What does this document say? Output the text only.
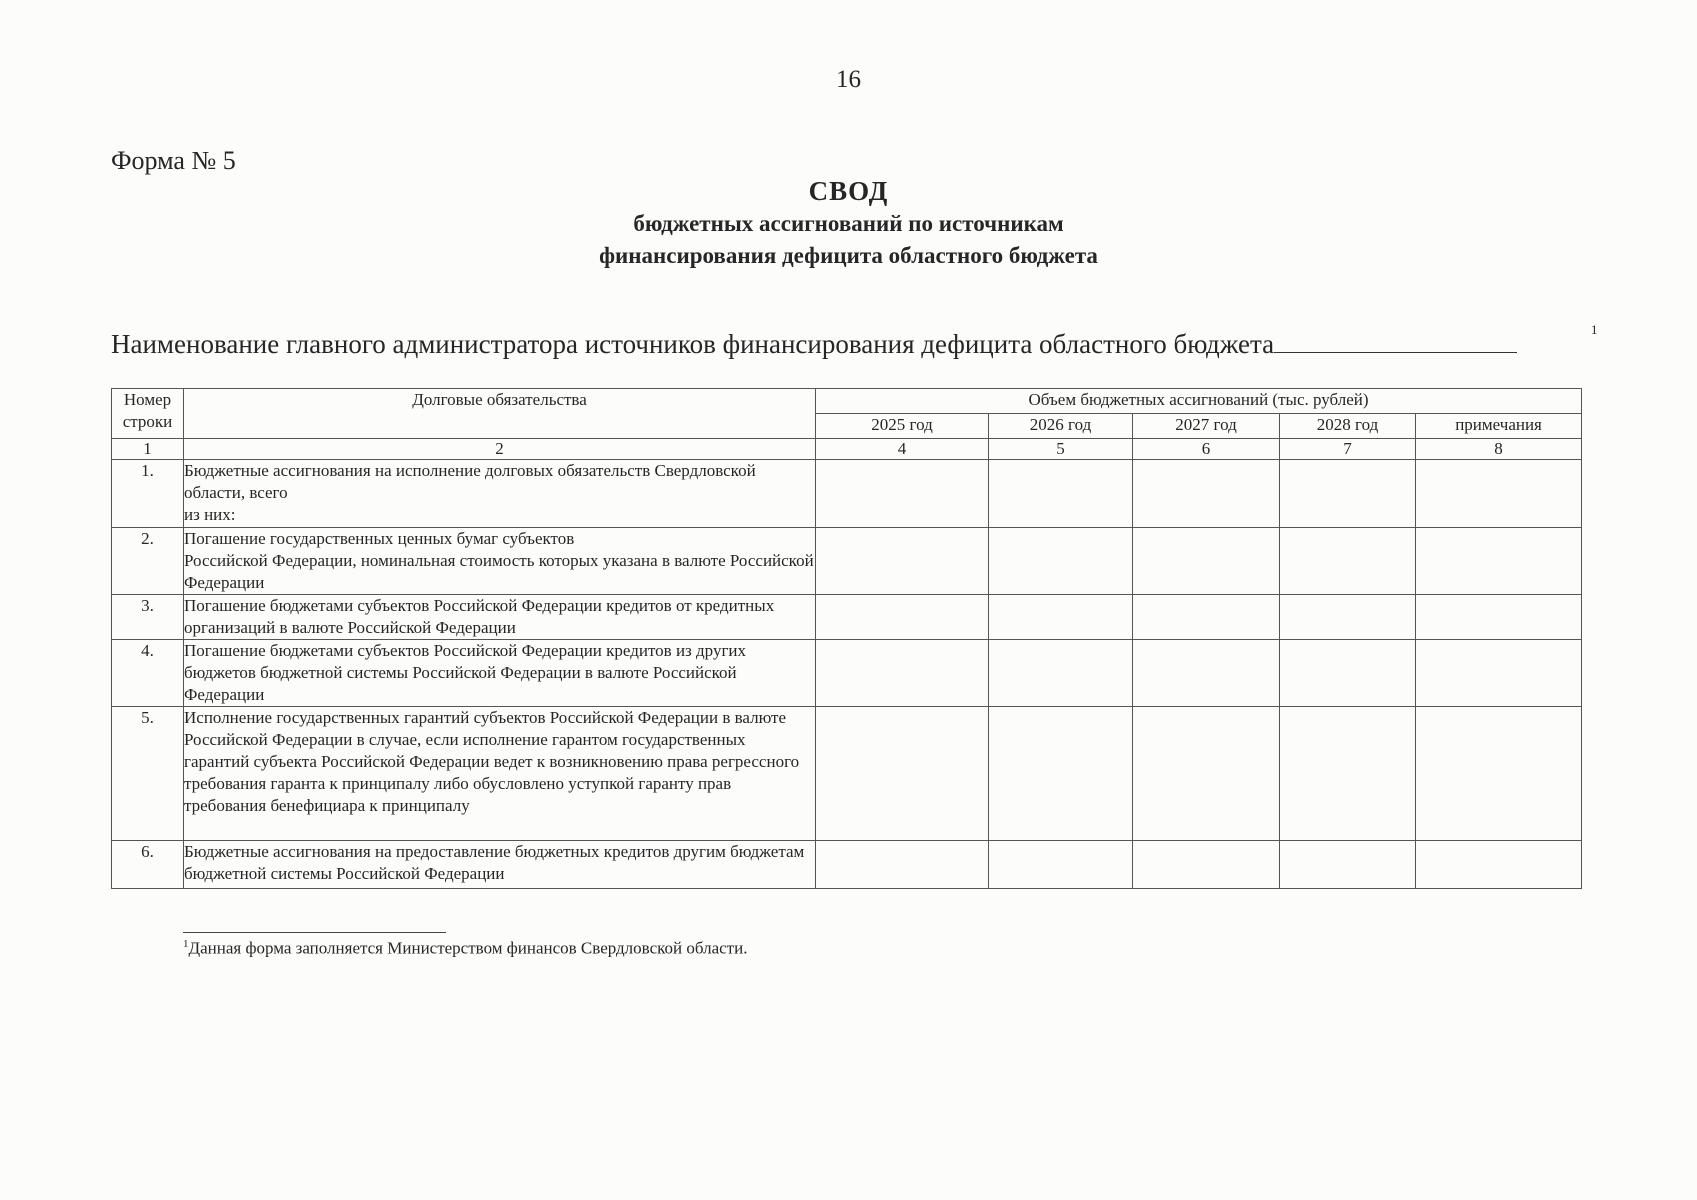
16
Форма № 5
СВОД
бюджетных ассигнований по источникам
финансирования дефицита областного бюджета
Наименование главного администратора источников финансирования дефицита областного бюджета	1
Номер строки	Долговые обязательства	Объем бюджетных ассигнований (тыс. рублей)				
		2025 год	2026 год	2027 год	2028 год	примечания
1	2	4	5	6	7	8
1.	Бюджетные ассигнования на исполнение долговых обязательств Свердловской области, всего
из них:					
2.	Погашение государственных ценных бумаг субъектов
Российской Федерации, номинальная стоимость которых указана в валюте Российской Федерации					
3.	Погашение бюджетами субъектов Российской Федерации кредитов от кредитных организаций в валюте Российской Федерации					
4.	Погашение бюджетами субъектов Российской Федерации кредитов из других бюджетов бюджетной системы Российской Федерации в валюте Российской Федерации					
5.	Исполнение государственных гарантий субъектов Российской Федерации в валюте Российской Федерации в случае, если исполнение гарантом государственных гарантий субъекта Российской Федерации ведет к возникновению права регрессного требования гаранта к принципалу либо обусловлено уступкой гаранту прав требования бенефициара к принципалу					
6.	Бюджетные ассигнования на предоставление бюджетных кредитов другим бюджетам бюджетной системы Российской Федерации					
$^1$Данная форма заполняется Министерством финансов Свердловской области.
